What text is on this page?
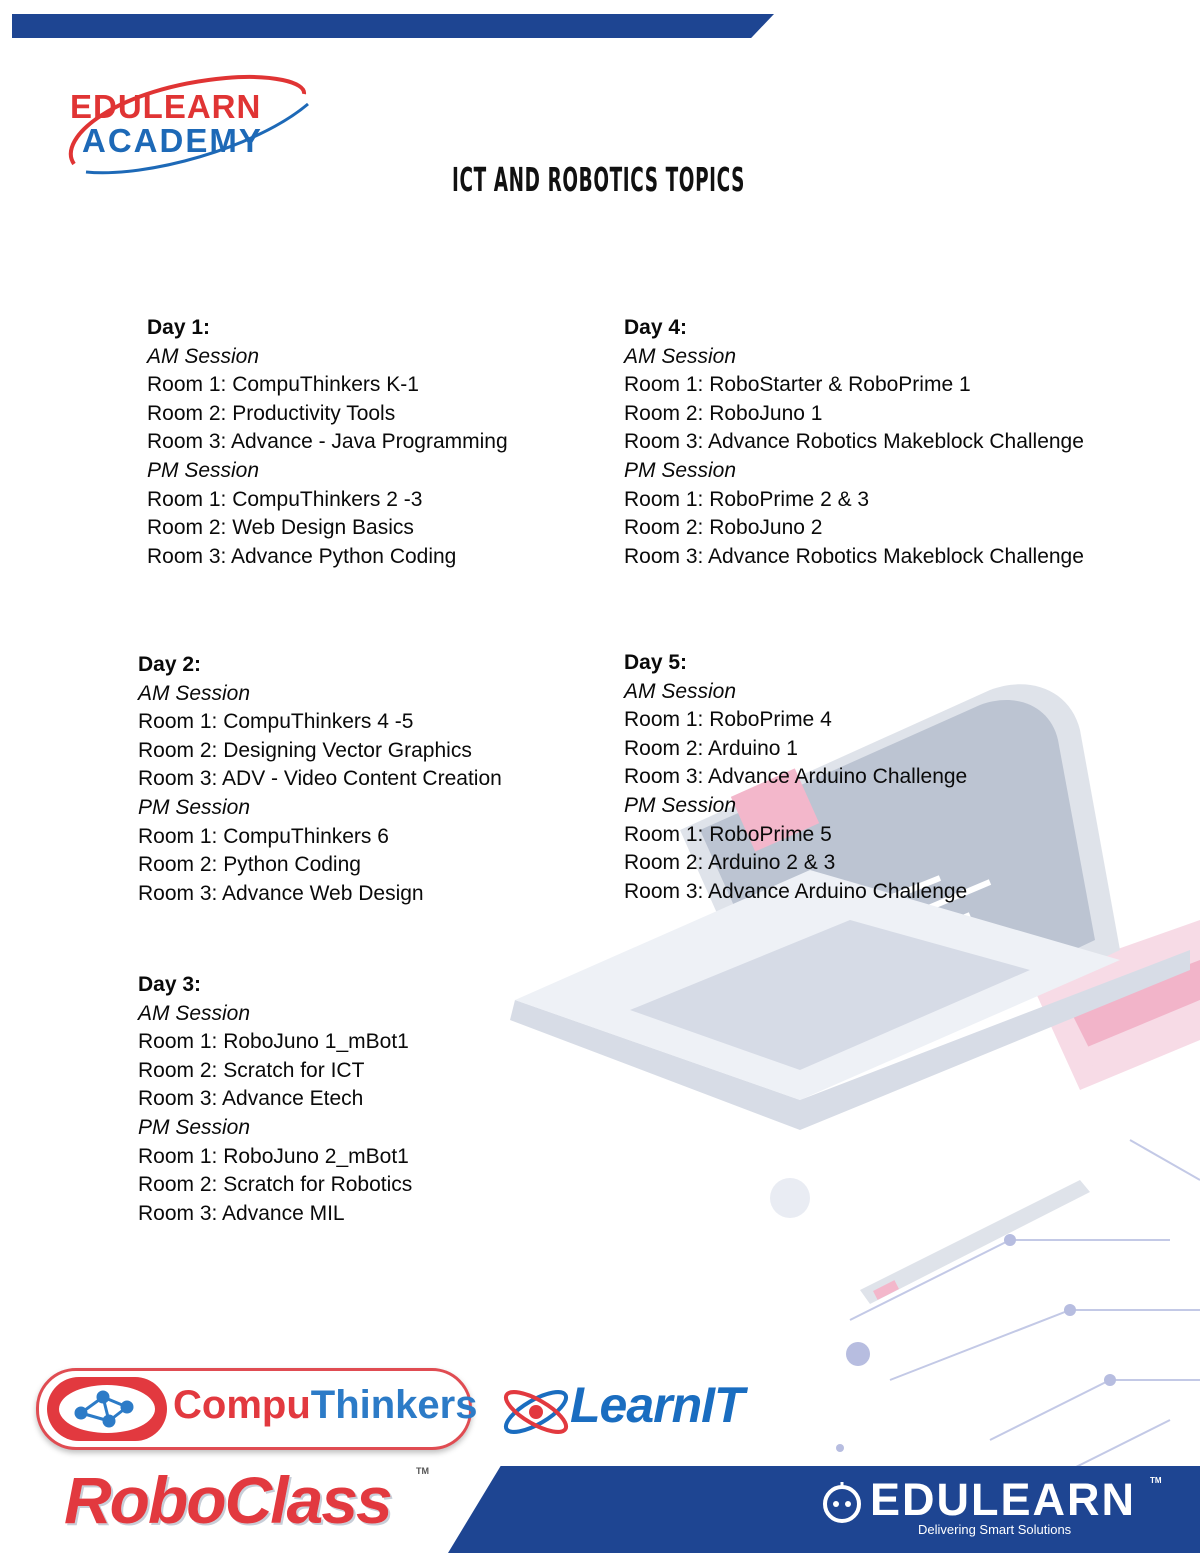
EDULEARN
ACADEMY
ICT AND ROBOTICS TOPICS
Day 1:
AM Session
Room 1: CompuThinkers K-1
Room 2: Productivity Tools
Room 3: Advance - Java Programming
PM Session
Room 1: CompuThinkers 2 -3
Room 2: Web Design Basics
Room 3: Advance Python Coding
Day 2:
AM Session
Room 1: CompuThinkers 4 -5
Room 2: Designing Vector Graphics
Room 3: ADV - Video Content Creation
PM Session
Room 1: CompuThinkers 6
Room 2: Python Coding
Room 3: Advance Web Design
Day 3:
AM Session
Room 1: RoboJuno 1_mBot1
Room 2: Scratch for ICT
Room 3: Advance Etech
PM Session
Room 1: RoboJuno 2_mBot1
Room 2: Scratch for Robotics
Room 3: Advance MIL
Day 4:
AM Session
Room 1: RoboStarter & RoboPrime 1
Room 2: RoboJuno 1
Room 3: Advance Robotics Makeblock Challenge
PM Session
Room 1: RoboPrime 2 & 3
Room 2: RoboJuno 2
Room 3: Advance Robotics Makeblock Challenge
Day 5:
AM Session
Room 1: RoboPrime 4
Room 2: Arduino 1
Room 3: Advance Arduino Challenge
PM Session
Room 1: RoboPrime 5
Room 2: Arduino 2 & 3
Room 3: Advance Arduino Challenge
CompuThinkers LearnIT
RoboClass	TM
EDULEARN TM
Delivering Smart Solutions
